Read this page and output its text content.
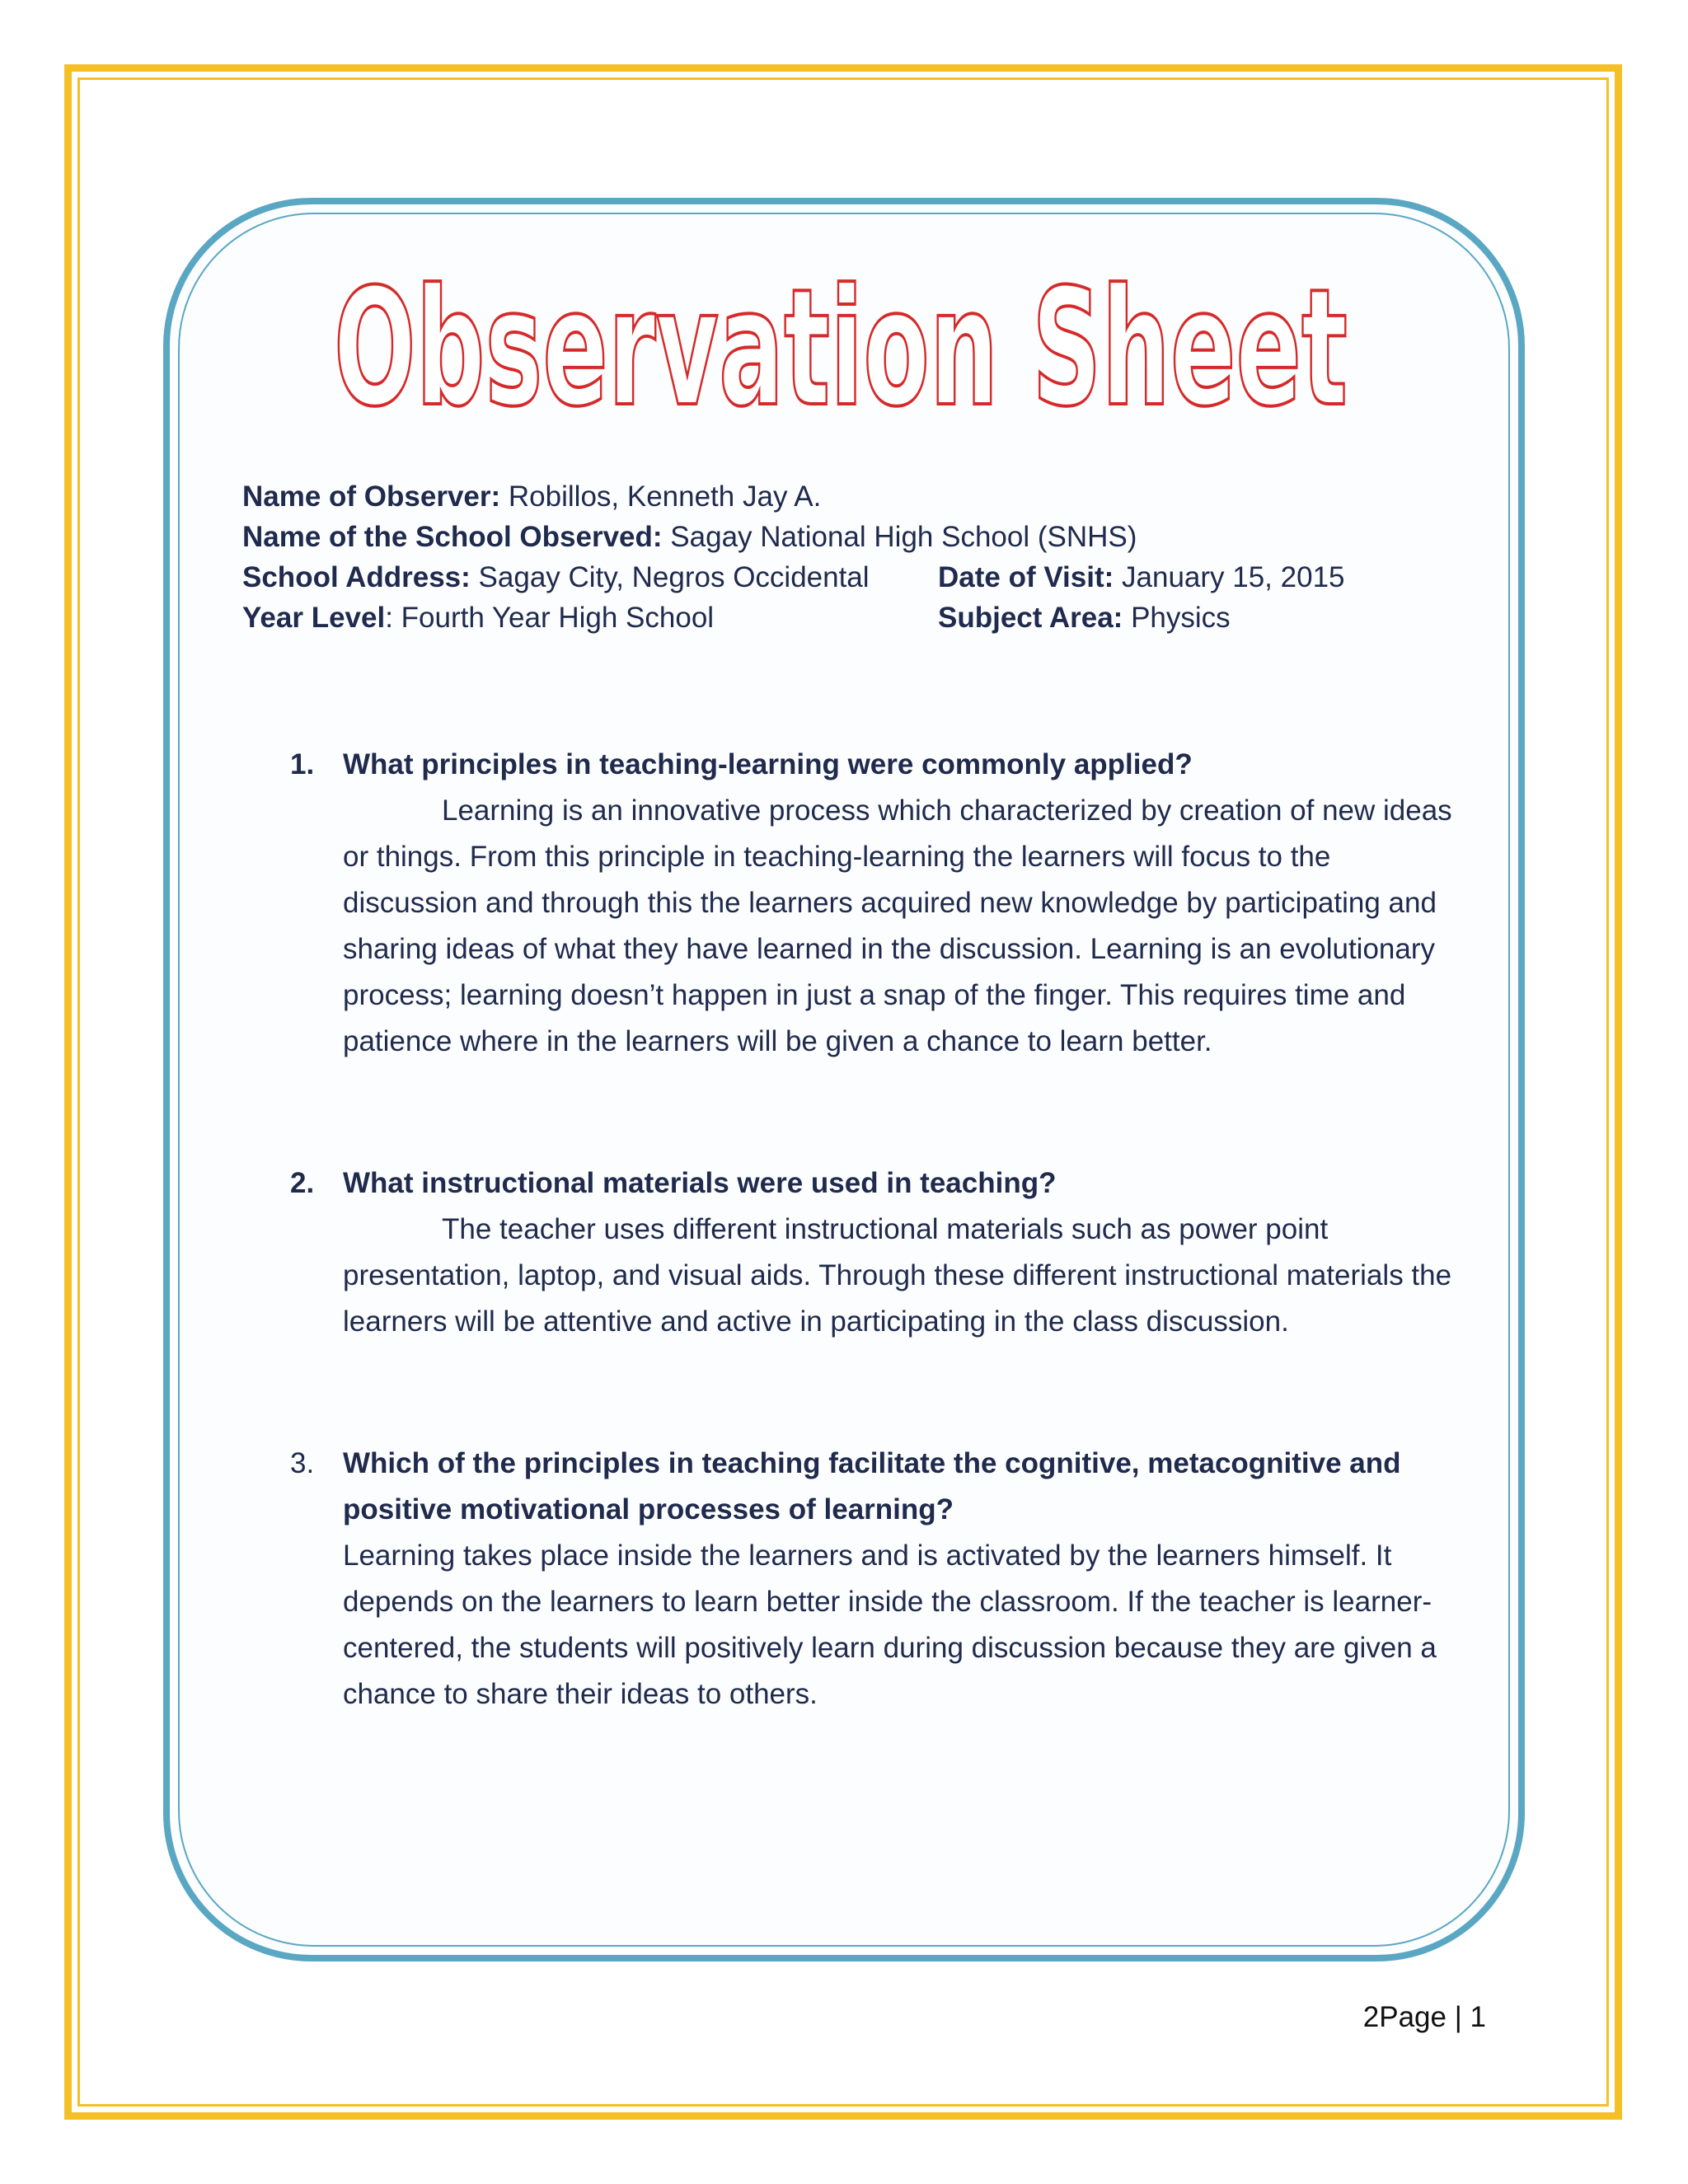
Observation Sheet
Name of Observer: Robillos, Kenneth Jay A.
Name of the School Observed: Sagay National High School (SNHS)
School Address: Sagay City, Negros Occidental Date of Visit: January 15, 2015
Year Level: Fourth Year High School	Subject Area: Physics
1. What principles in teaching-learning were commonly applied?
Learning is an innovative process which characterized by creation of new ideas or things. From this principle in teaching-learning the learners will focus to the discussion and through this the learners acquired new knowledge by participating and sharing ideas of what they have learned in the discussion. Learning is an evolutionary process; learning doesn’t happen in just a snap of the finger. This requires time and patience where in the learners will be given a chance to learn better.
2. What instructional materials were used in teaching?
The teacher uses different instructional materials such as power point presentation, laptop, and visual aids. Through these different instructional materials the learners will be attentive and active in participating in the class discussion.
3. Which of the principles in teaching facilitate the cognitive, metacognitive and positive motivational processes of learning?
Learning takes place inside the learners and is activated by the learners himself. It depends on the learners to learn better inside the classroom. If the teacher is learner-centered, the students will positively learn during discussion because they are given a chance to share their ideas to others.
2Page | 1
